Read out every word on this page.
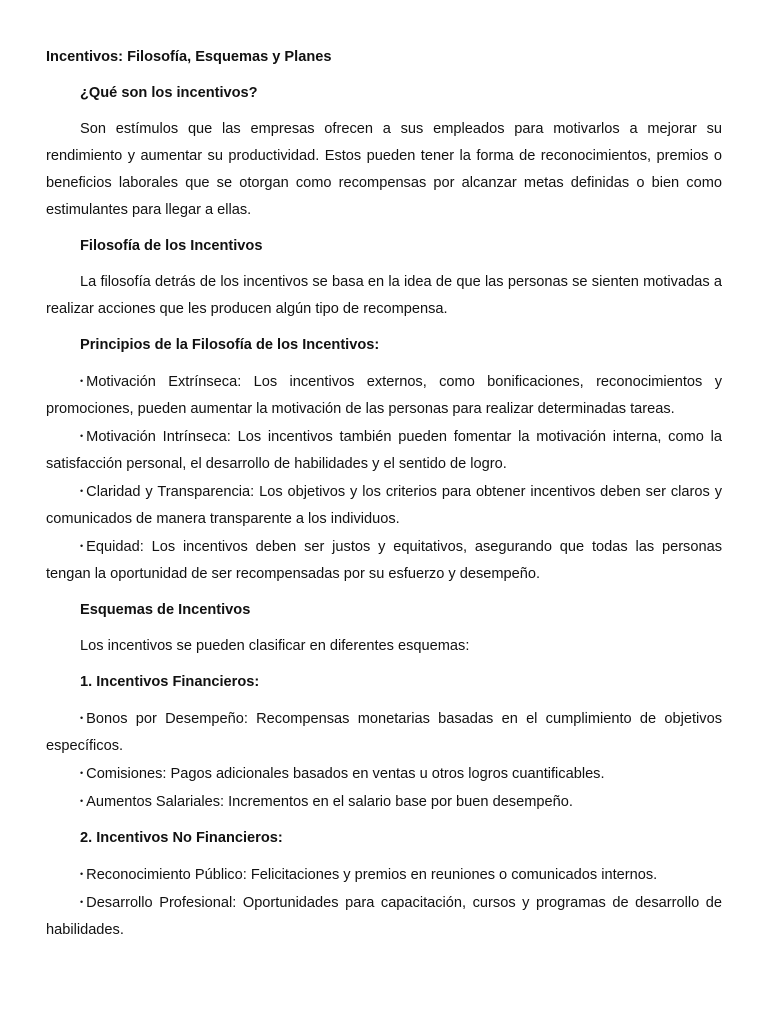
Incentivos: Filosofía, Esquemas y Planes
¿Qué son los incentivos?

Son estímulos que las empresas ofrecen a sus empleados para motivarlos a mejorar su rendimiento y aumentar su productividad. Estos pueden tener la forma de reconocimientos, premios o beneficios laborales que se otorgan como recompensas por alcanzar metas definidas o bien como estimulantes para llegar a ellas.

Filosofía de los Incentivos

La filosofía detrás de los incentivos se basa en la idea de que las personas se sienten motivadas a realizar acciones que les producen algún tipo de recompensa.

Principios de la Filosofía de los Incentivos:
• Motivación Extrínseca: Los incentivos externos, como bonificaciones, reconocimientos y promociones, pueden aumentar la motivación de las personas para realizar determinadas tareas.
• Motivación Intrínseca: Los incentivos también pueden fomentar la motivación interna, como la satisfacción personal, el desarrollo de habilidades y el sentido de logro.
• Claridad y Transparencia: Los objetivos y los criterios para obtener incentivos deben ser claros y comunicados de manera transparente a los individuos.
• Equidad: Los incentivos deben ser justos y equitativos, asegurando que todas las personas tengan la oportunidad de ser recompensadas por su esfuerzo y desempeño.
Esquemas de Incentivos

Los incentivos se pueden clasificar en diferentes esquemas:

1. Incentivos Financieros:
• Bonos por Desempeño: Recompensas monetarias basadas en el cumplimiento de objetivos específicos.
• Comisiones: Pagos adicionales basados en ventas u otros logros cuantificables.
• Aumentos Salariales: Incrementos en el salario base por buen desempeño.
2. Incentivos No Financieros:
• Reconocimiento Público: Felicitaciones y premios en reuniones o comunicados internos.
• Desarrollo Profesional: Oportunidades para capacitación, cursos y programas de desarrollo de habilidades.
